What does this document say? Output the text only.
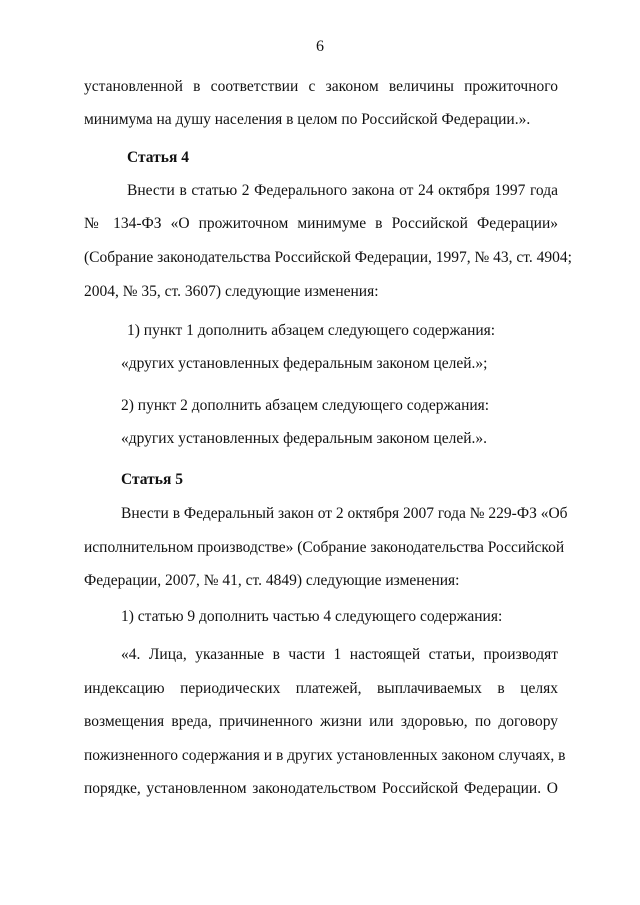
6
установленной в соответствии с законом величины прожиточного
минимума на душу населения в целом по Российской Федерации.».
Статья 4
Внести в статью 2 Федерального закона от 24 октября 1997 года
№ 134-ФЗ «О прожиточном минимуме в Российской Федерации»
(Собрание законодательства Российской Федерации, 1997, № 43, ст. 4904;
2004, № 35, ст. 3607) следующие изменения:
1) пункт 1 дополнить абзацем следующего содержания:
«других установленных федеральным законом целей.»;
2) пункт 2 дополнить абзацем следующего содержания:
«других установленных федеральным законом целей.».
Статья 5
Внести в Федеральный закон от 2 октября 2007 года № 229-ФЗ «Об
исполнительном производстве» (Собрание законодательства Российской
Федерации, 2007, № 41, ст. 4849) следующие изменения:
1) статью 9 дополнить частью 4 следующего содержания:
«4. Лица, указанные в части 1 настоящей статьи, производят
индексацию периодических платежей, выплачиваемых в целях
возмещения вреда, причиненного жизни или здоровью, по договору
пожизненного содержания и в других установленных законом случаях, в
порядке, установленном законодательством Российской Федерации. О
